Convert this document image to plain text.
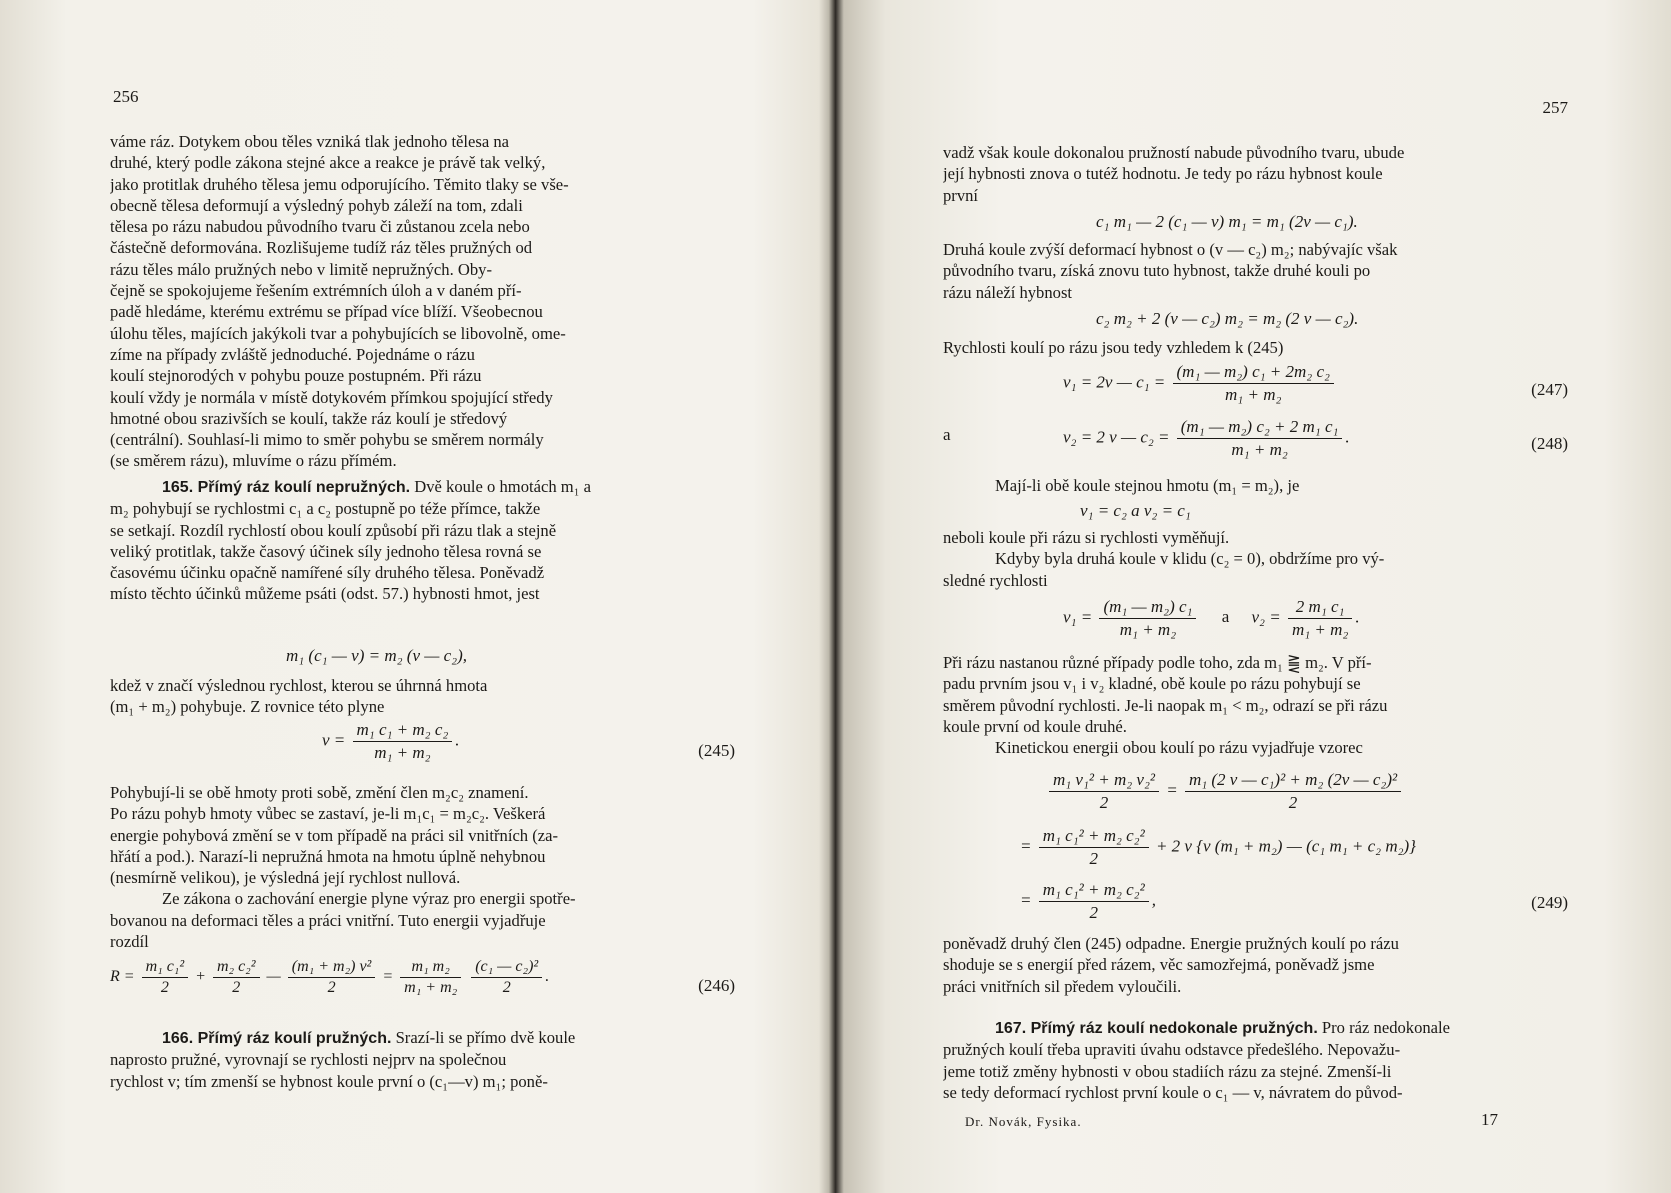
256
váme ráz. Dotykem obou těles vzniká tlak jednoho tělesa na
druhé, který podle zákona stejné akce a reakce je právě tak velký,
jako protitlak druhého tělesa jemu odporujícího. Těmito tlaky se vše-
obecně tělesa deformují a výsledný pohyb záleží na tom, zdali
tělesa po rázu nabudou původního tvaru či zůstanou zcela nebo
částečně deformována. Rozlišujeme tudíž ráz těles pružných od
rázu těles málo pružných nebo v limitě nepružných. Oby-
čejně se spokojujeme řešením extrémních úloh a v daném pří-
padě hledáme, kterému extrému se případ více blíží. Všeobecnou
úlohu těles, majících jakýkoli tvar a pohybujících se libovolně, ome-
zíme na případy zvláště jednoduché. Pojednáme o rázu
koulí stejnorodých v pohybu pouze postupném. Při rázu
koulí vždy je normála v místě dotykovém přímkou spojující středy
hmotné obou srazivších se koulí, takže ráz koulí je středový
(centrální). Souhlasí-li mimo to směr pohybu se směrem normály
(se směrem rázu), mluvíme o rázu přímém.
165. Přímý ráz koulí nepružných. Dvě koule o hmotách m₁ a
m₂ pohybují se rychlostmi c₁ a c₂ postupně po téže přímce, takže
se setkají. Rozdíl rychlostí obou koulí způsobí při rázu tlak a stejně
veliký protitlak, takže časový účinek síly jednoho tělesa rovná se
časovému účinku opačně namířené síly druhého tělesa. Poněvadž
místo těchto účinků můžeme psáti (odst. 57.) hybnosti hmot, jest
m₁ (c₁ — v) = m₂ (v — c₂),
kdež v značí výslednou rychlost, kterou se úhrnná hmota
(m₁ + m₂) pohybuje. Z rovnice této plyne
$v = \frac{\text{m₁ c₁ + m₂ c₂}}{\text{m₁ + m₂}}$ .
(245)
Pohybují-li se obě hmoty proti sobě, změní člen m₂c₂ znamení.
Po rázu pohyb hmoty vůbec se zastaví, je-li m₁c₁ = m₂c₂. Veškerá
energie pohybová změní se v tom případě na práci sil vnitřních (za-
hřátí a pod.). Narazí-li nepružná hmota na hmotu úplně nehybnou
(nesmírně velikou), je výsledná její rychlost nullová.
Ze zákona o zachování energie plyne výraz pro energii spotře-
bovanou na deformaci těles a práci vnitřní. Tuto energii vyjadřuje
rozdíl
$R = \frac{\text{m₁ c₁²}}{2} + \frac{\text{m₂ c₂²}}{2}$ — $\frac{\text{(m₁ + m₂) v²}}{2} = \frac{\text{m₁ m₂}}{\text{m₁ + m₂}}$
$\frac{\text{(c₁ — c₂)²}}{2}$ .	(246)
166. Přímý ráz koulí pružných. Srazí-li se přímo dvě koule
naprosto pružné, vyrovnají se rychlosti nejprv na společnou
rychlost v; tím zmenší se hybnost koule první o (c₁—v) m₁; poně-
257
vadž však koule dokonalou pružností nabude původního tvaru, ubude
její hybnosti znova o tutéž hodnotu. Je tedy po rázu hybnost koule
první
c₁ m₁ — 2 (c₁ — v) m₁ = m₁ (2v — c₁).
Druhá koule zvýší deformací hybnost o (v — c₂) m₂; nabývajíc však
původního tvaru, získá znovu tuto hybnost, takže druhé kouli po
rázu náleží hybnost
c₂ m₂ + 2 (v — c₂) m₂ = m₂ (2 v — c₂).
Rychlosti koulí po rázu jsou tedy vzhledem k (245)
v₁ = 2v — $c_1 = \frac{\text{(m₁ — m₂) c₁ + 2m₂ c₂}}{\text{m₁ + m₂}}$	(247)
a	v₂ = 2 v — $c_2 = \frac{\text{(m₁ — m₂) c₂ + 2 m₁ c₁}}{\text{m₁ + m₂}}$ .	(248)
Mají-li obě koule stejnou hmotu (m₁ = m₂), je
v₁ = c₂ a v₂ = c₁
neboli koule při rázu si rychlosti vyměňují.
Kdyby byla druhá koule v klidu (c₂ = 0), obdržíme pro vý-
sledné rychlosti
$v_1 = \frac{\text{(m₁ — m₂) c₁}}{\text{m₁ + m₂}}$ a $v_2 = \frac{\text{2 m₁ c₁}}{\text{m₁ + m₂}}$ .
Při rázu nastanou různé případy podle toho, zda m₁ ⪌ m₂. V pří-
padu prvním jsou v₁ i v₂ kladné, obě koule po rázu pohybují se
směrem původní rychlosti. Je-li naopak m₁ < m₂, odrazí se při rázu
koule první od koule druhé.
Kinetickou energii obou koulí po rázu vyjadřuje vzorec
$\frac{\text{m₁ v₁² + m₂ v₂²}}{2} = \frac{\text{m₁ (2 v — c₁)² + m₂ (2v — c₂)²}}{2}$
= $\frac{\text{m₁ c₁² + m₂ c₂²}}{2} + 2$ v {v (m₁ + m₂) — (c₁ m₁ + c₂ m₂)}
= $\frac{\text{m₁ c₁² + m₂ c₂²}}{2}$ ,	(249)
poněvadž druhý člen (245) odpadne. Energie pružných koulí po rázu
shoduje se s energií před rázem, věc samozřejmá, poněvadž jsme
práci vnitřních sil předem vyloučili.
167. Přímý ráz koulí nedokonale pružných. Pro ráz nedokonale
pružných koulí třeba upraviti úvahu odstavce předešlého. Nepovažu-
jeme totiž změny hybnosti v obou stadiích rázu za stejné. Zmenší-li
se tedy deformací rychlost první koule o c₁ — v, návratem do původ-
Dr. Novák, Fysika.	17
